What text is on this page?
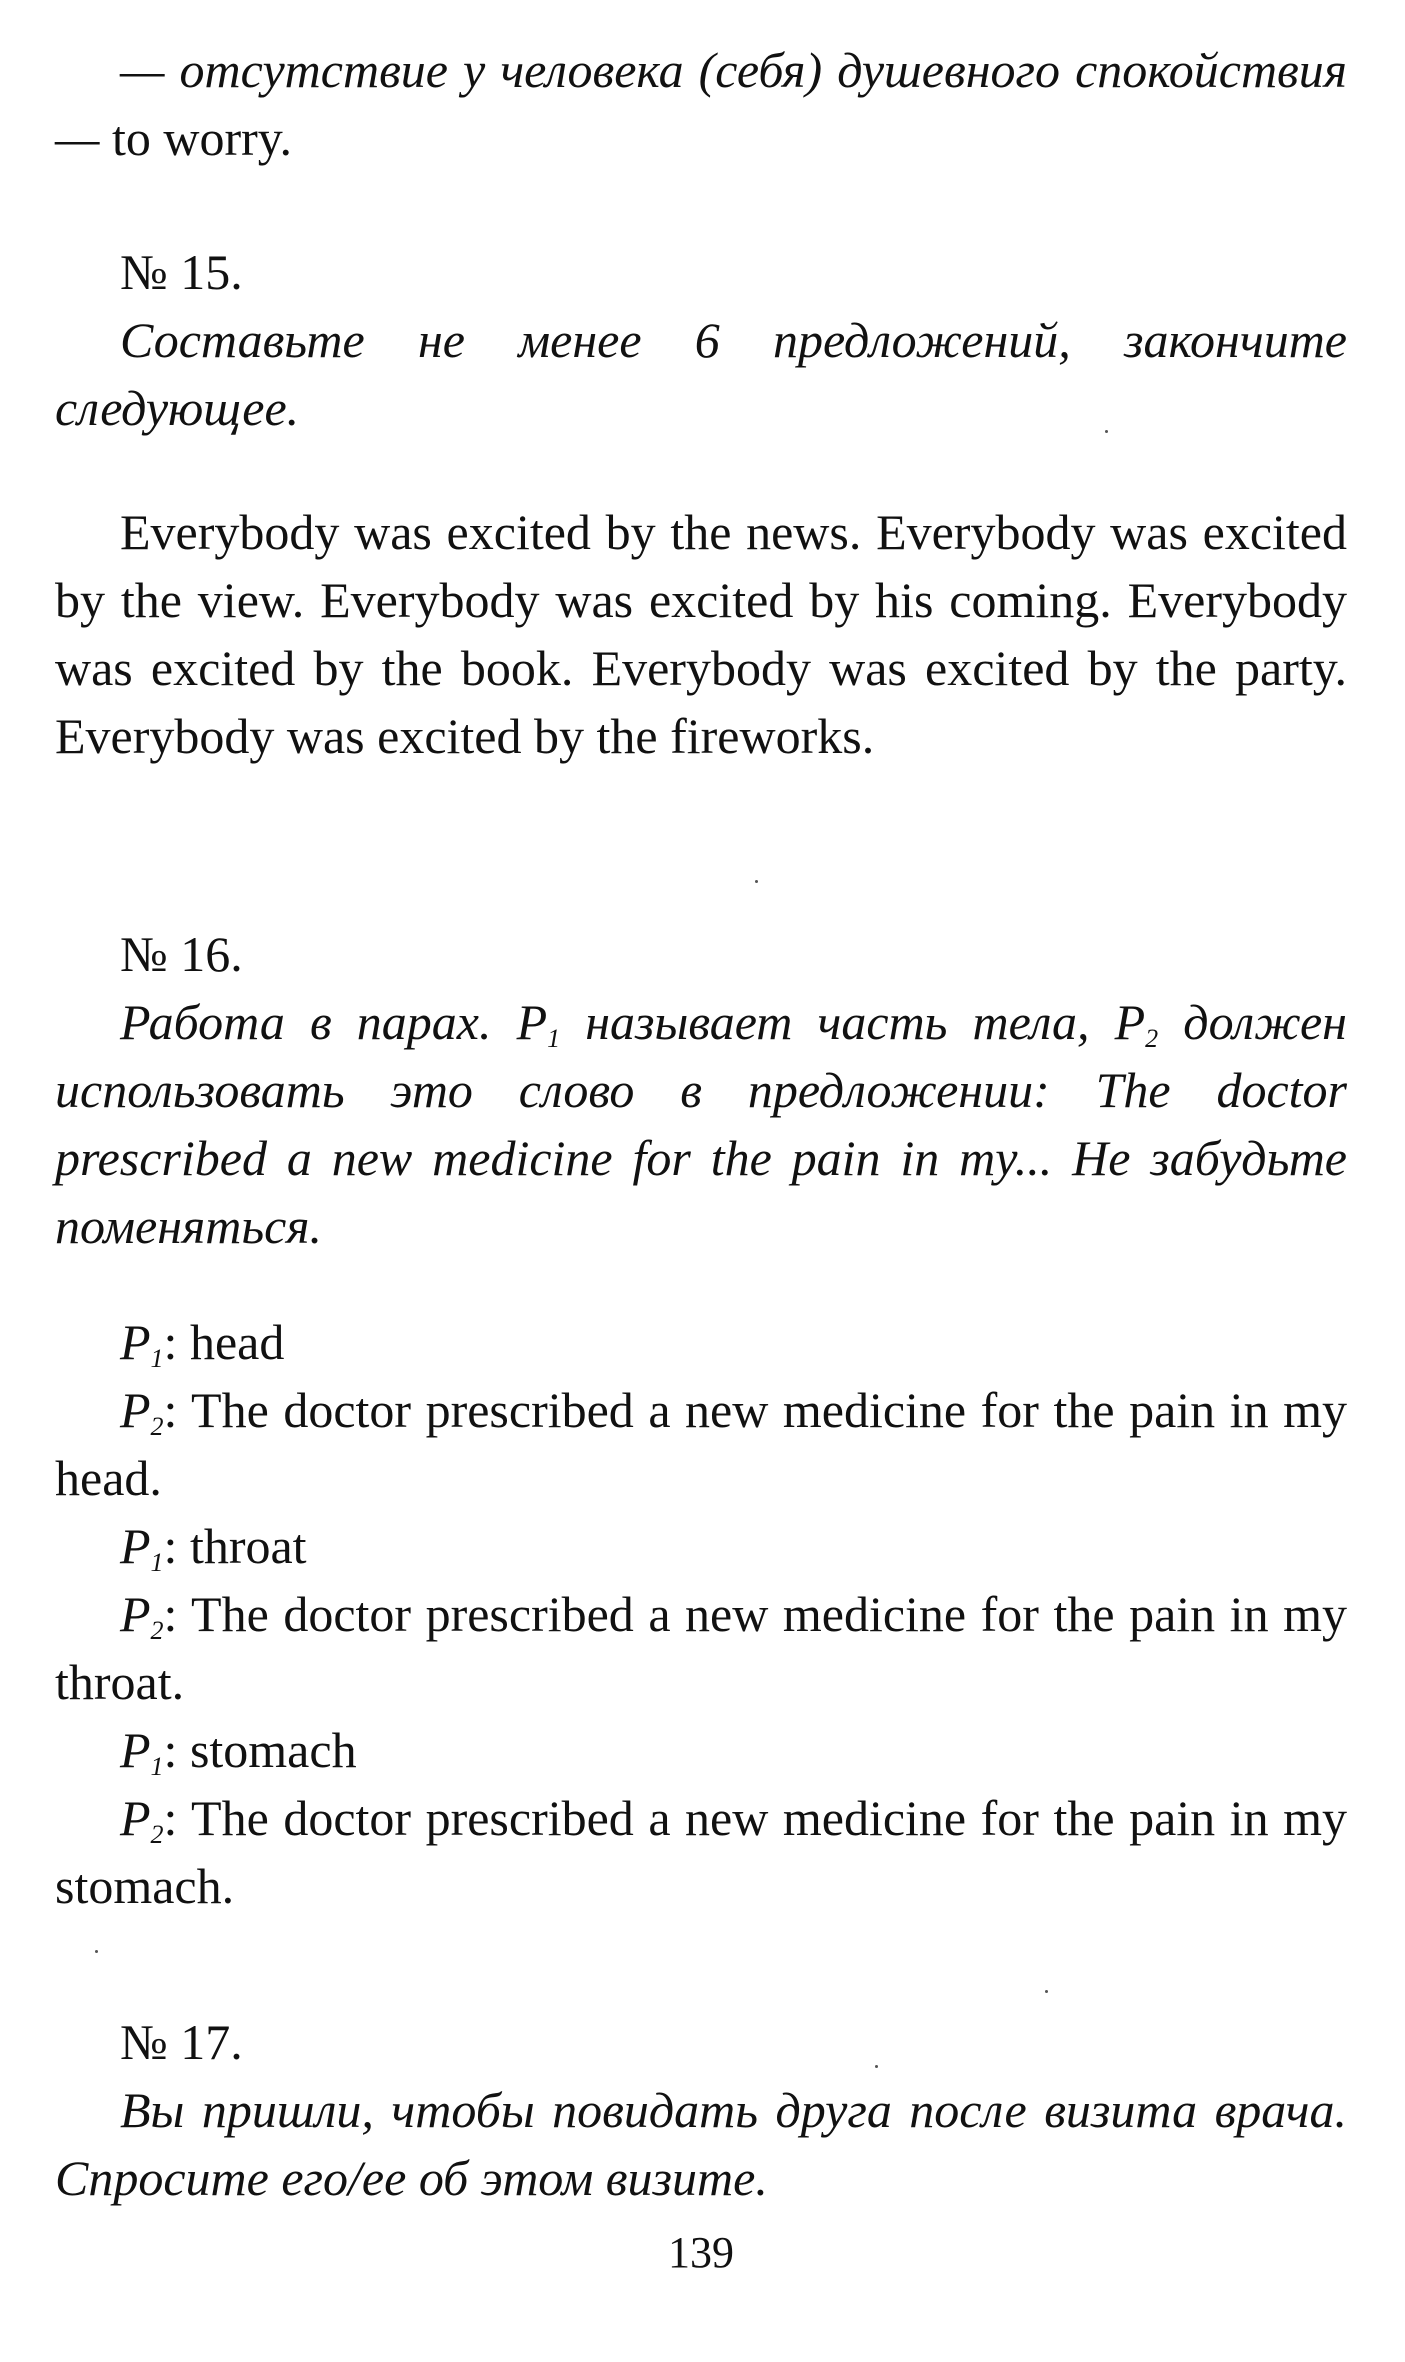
— отсутствие у человека (себя) душевного спокойствия — to worry.

№ 15.

Составьте не менее 6 предложений, закончите следующее.

Everybody was excited by the news. Everybody was excited by the view. Everybody was excited by his coming. Everybody was excited by the book. Everybody was excited by the party. Everybody was excited by the fireworks.

№ 16.

Работа в парах. $P_1$ называет часть тела, $P_2$ должен использовать это слово в предложении: The doctor prescribed a new medicine for the pain in my... Не забудьте поменяться.

$P_1$: head

$P_2$: The doctor prescribed a new medicine for the pain in my head.

$P_1$: throat

$P_2$: The doctor prescribed a new medicine for the pain in my throat.

$P_1$: stomach

$P_2$: The doctor prescribed a new medicine for the pain in my stomach.

№ 17.

Вы пришли, чтобы повидать друга после визита врача. Спросите его/ее об этом визите.

139
